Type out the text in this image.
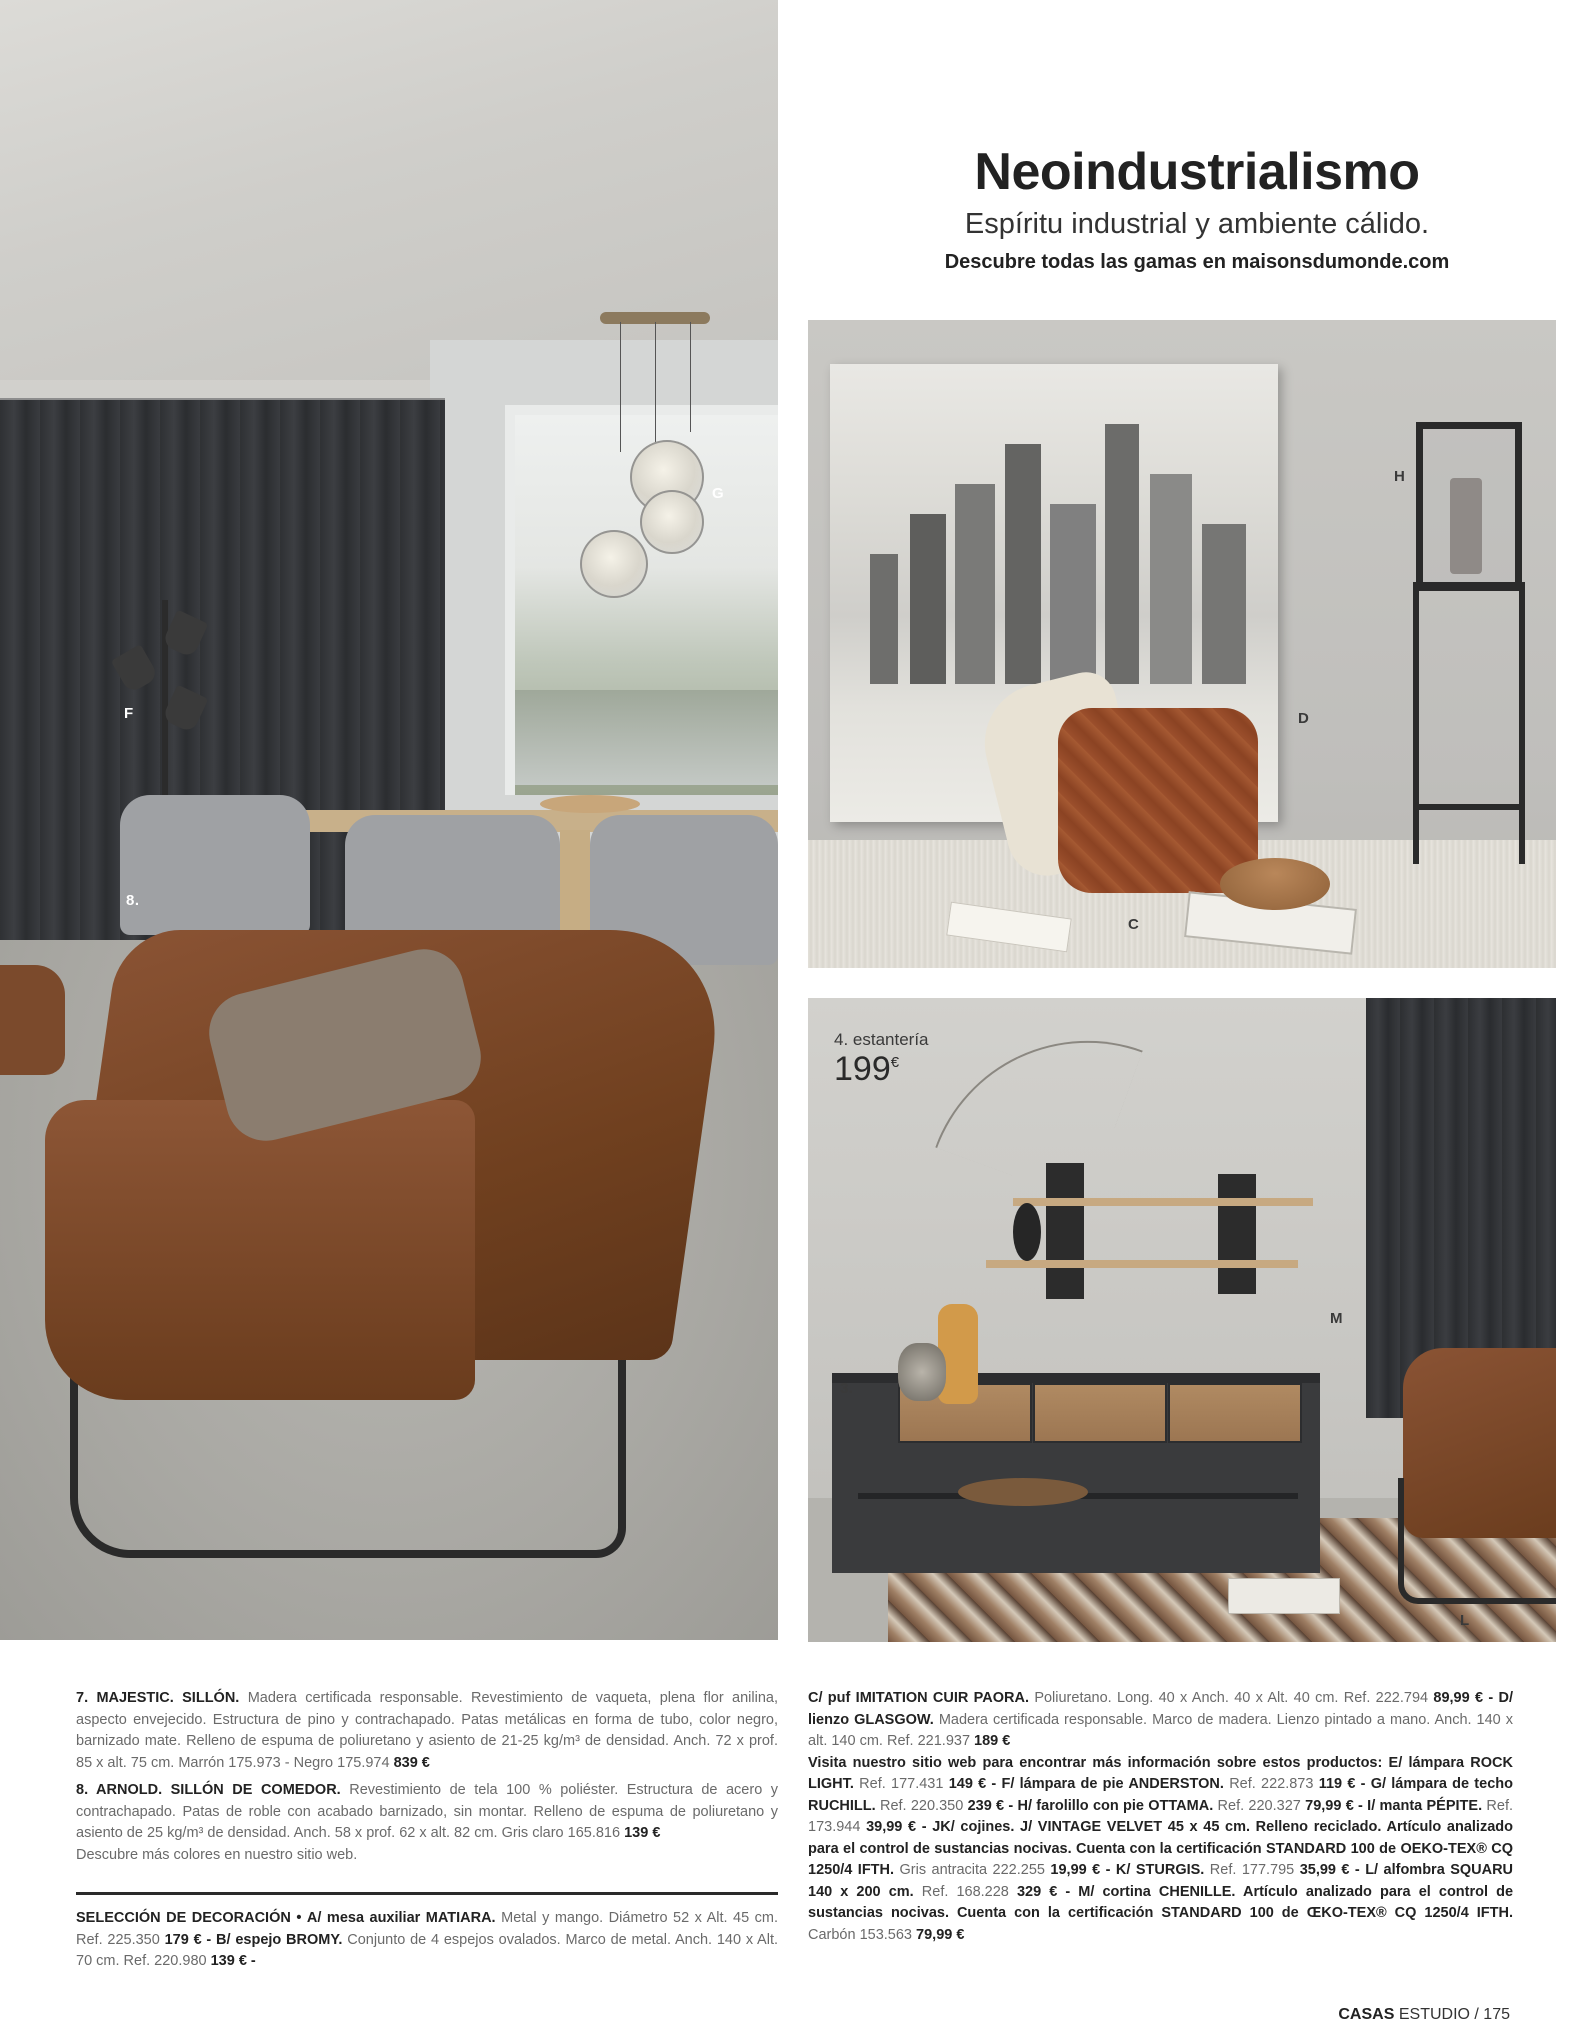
G
F
8.
Neoindustrialismo
Espíritu industrial y ambiente cálido.
Descubre todas las gamas en maisonsdumonde.com
H
D
C
3.
M
L
4. estantería
199€

7. MAJESTIC. SILLÓN. Madera certificada responsable. Revestimiento de vaqueta, plena flor anilina, aspecto envejecido. Estructura de pino y contrachapado. Patas metálicas en forma de tubo, color negro, barnizado mate. Relleno de espuma de poliuretano y asiento de 21-25 kg/m³ de densidad. Anch. 72 x prof. 85 x alt. 75 cm. Marrón 175.973 - Negro 175.974 839 €

8. ARNOLD. SILLÓN DE COMEDOR. Revestimiento de tela 100 % poliéster. Estructura de acero y contrachapado. Patas de roble con acabado barnizado, sin montar. Relleno de espuma de poliuretano y asiento de 25 kg/m³ de densidad. Anch. 58 x prof. 62 x alt. 82 cm. Gris claro 165.816 139 €
Descubre más colores en nuestro sitio web.

SELECCIÓN DE DECORACIÓN • A/ mesa auxiliar MATIARA. Metal y mango. Diámetro 52 x Alt. 45 cm. Ref. 225.350 179 € - B/ espejo BROMY. Conjunto de 4 espejos ovalados. Marco de metal. Anch. 140 x Alt. 70 cm. Ref. 220.980 139 € -

C/ puf IMITATION CUIR PAORA. Poliuretano. Long. 40 x Anch. 40 x Alt. 40 cm. Ref. 222.794 89,99 € - D/ lienzo GLASGOW. Madera certificada responsable. Marco de madera. Lienzo pintado a mano. Anch. 140 x alt. 140 cm. Ref. 221.937 189 €

Visita nuestro sitio web para encontrar más información sobre estos productos: E/ lámpara ROCK LIGHT. Ref. 177.431 149 € - F/ lámpara de pie ANDERSTON. Ref. 222.873 119 € - G/ lámpara de techo RUCHILL. Ref. 220.350 239 € - H/ farolillo con pie OTTAMA. Ref. 220.327 79,99 € - I/ manta PÉPITE. Ref. 173.944 39,99 € - JK/ cojines. J/ VINTAGE VELVET 45 x 45 cm. Relleno reciclado. Artículo analizado para el control de sustancias nocivas. Cuenta con la certificación STANDARD 100 de OEKO-TEX® CQ 1250/4 IFTH. Gris antracita 222.255 19,99 € - K/ STURGIS. Ref. 177.795 35,99 € - L/ alfombra SQUARU 140 x 200 cm. Ref. 168.228 329 € - M/ cortina CHENILLE. Artículo analizado para el control de sustancias nocivas. Cuenta con la certificación STANDARD 100 de ŒKO-TEX® CQ 1250/4 IFTH. Carbón 153.563 79,99 €

CASAS ESTUDIO / 175
